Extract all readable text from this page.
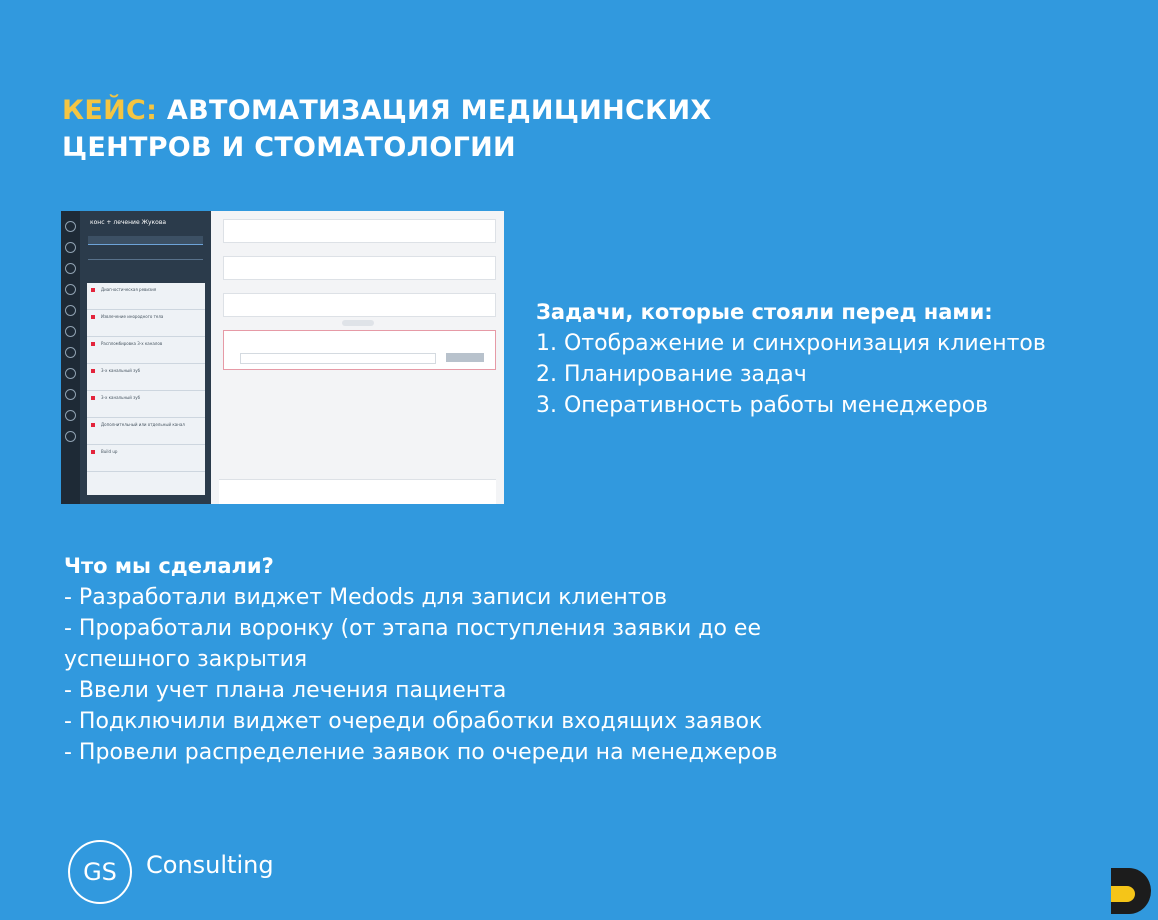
КЕЙС: АВТОМАТИЗАЦИЯ МЕДИЦИНСКИХ
ЦЕНТРОВ И СТОМАТОЛОГИИ
конс + лечение Жукова
Диагностическая ревизия
Извлечение инородного тела
Распломбировка 3-х каналов
3-х канальный зуб
3-х канальный зуб
Дополнительный или отдельный канал
Build up
Задачи, которые стояли перед нами:
1. Отображение и синхронизация клиентов
2. Планирование задач
3. Оперативность работы менеджеров
Что мы сделали?
- Разработали виджет Medods для записи клиентов
- Проработали воронку (от этапа поступления заявки до ее
успешного закрытия
- Ввели учет плана лечения пациента
- Подключили виджет очереди обработки входящих заявок
- Провели распределение заявок по очереди на менеджеров
GS	Consulting
